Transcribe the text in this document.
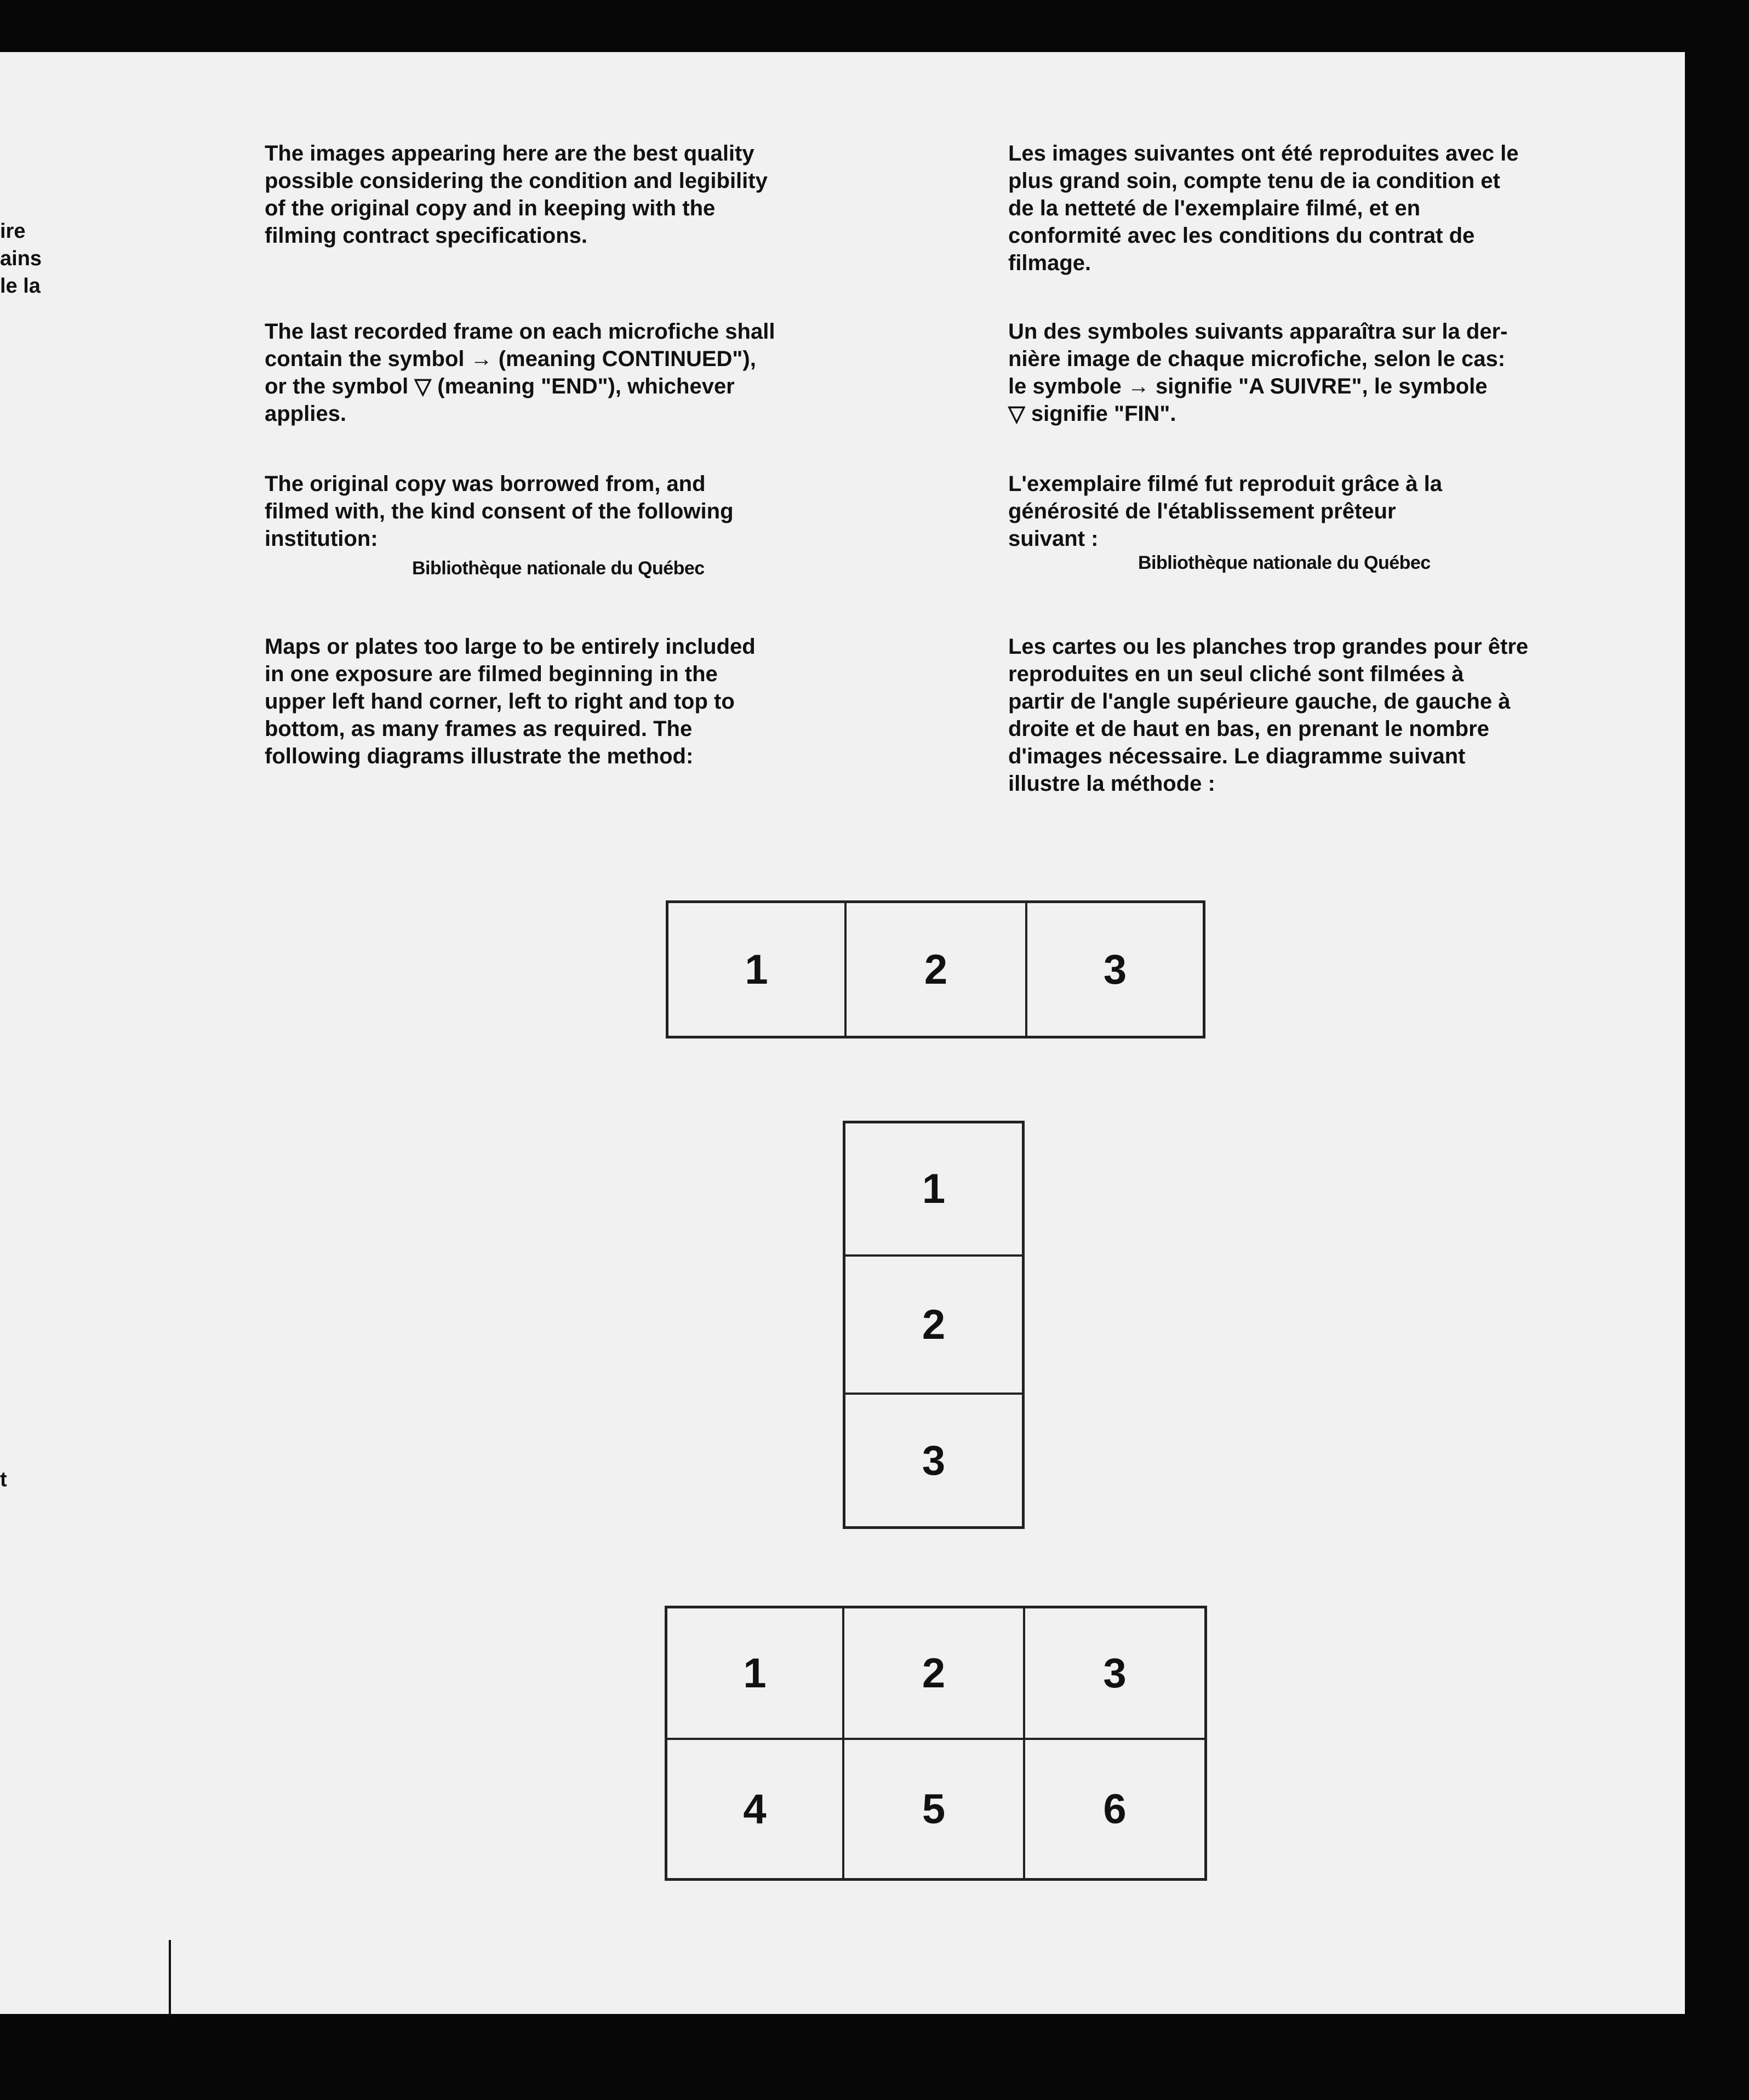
ire
ains
le la
t

The images appearing here are the best quality
possible considering the condition and legibility
of the original copy and in keeping with the
filming contract specifications.

The last recorded frame on each microfiche shall

contain the symbol → (meaning CONTINUED"),

or the symbol ▽ (meaning "END"), whichever

applies.

The original copy was borrowed from, and
filmed with, the kind consent of the following
institution:

Bibliothèque nationale du Québec

Maps or plates too large to be entirely included
in one exposure are filmed beginning in the
upper left hand corner, left to right and top to
bottom, as many frames as required. The
following diagrams illustrate the method:

Les images suivantes ont été reproduites avec le
plus grand soin, compte tenu de ia condition et
de la netteté de l'exemplaire filmé, et en
conformité avec les conditions du contrat de
filmage.

Un des symboles suivants apparaîtra sur la der-

nière image de chaque microfiche, selon le cas:

le symbole → signifie "A SUIVRE", le symbole

▽ signifie "FIN".

L'exemplaire filmé fut reproduit grâce à la
générosité de l'établissement prêteur
suivant :

Bibliothèque nationale du Québec

Les cartes ou les planches trop grandes pour être
reproduites en un seul cliché sont filmées à
partir de l'angle supérieure gauche, de gauche à
droite et de haut en bas, en prenant le nombre
d'images nécessaire. Le diagramme suivant
illustre la méthode :

1	2	3
1
2
3
1	2	3
4	5	6
